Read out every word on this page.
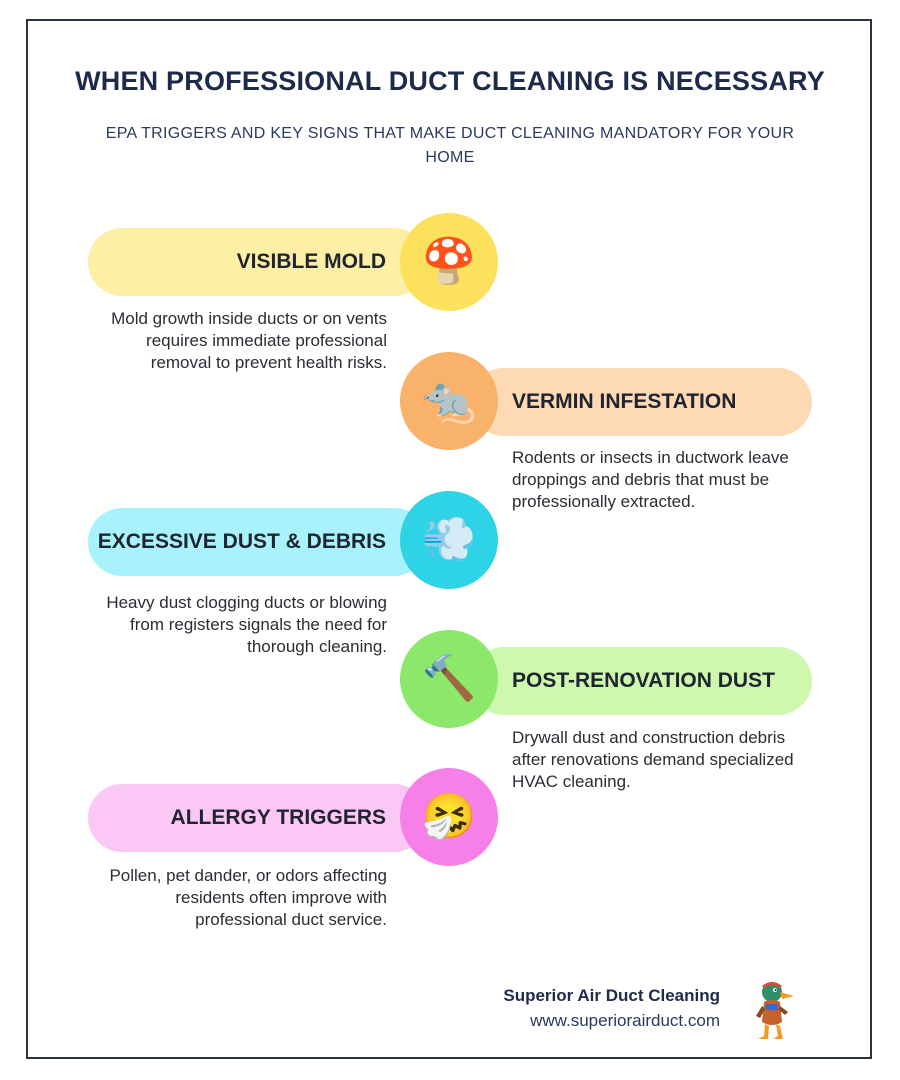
WHEN PROFESSIONAL DUCT CLEANING IS NECESSARY
EPA TRIGGERS AND KEY SIGNS THAT MAKE DUCT CLEANING MANDATORY FOR YOUR HOME
VISIBLE MOLD 🍄
Mold growth inside ducts or on vents requires immediate professional removal to prevent health risks.
VERMIN INFESTATION
🐀
Rodents or insects in ductwork leave droppings and debris that must be professionally extracted.
EXCESSIVE DUST & DEBRIS 💨
Heavy dust clogging ducts or blowing from registers signals the need for thorough cleaning.
POST-RENOVATION DUST
🔨
Drywall dust and construction debris after renovations demand specialized HVAC cleaning.
ALLERGY TRIGGERS 🤧
Pollen, pet dander, or odors affecting residents often improve with professional duct service.
Superior Air Duct Cleaning
www.superiorairduct.com
